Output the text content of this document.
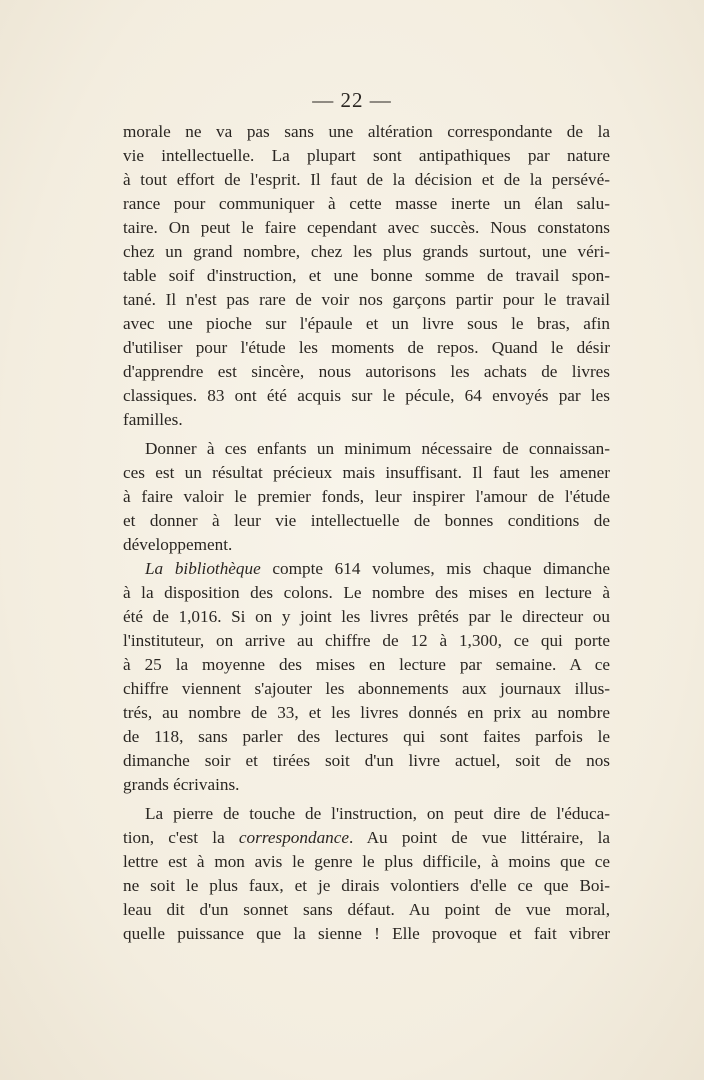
— 22 —
morale ne va pas sans une altération correspondante de la
vie intellectuelle. La plupart sont antipathiques par nature
à tout effort de l'esprit. Il faut de la décision et de la persévé-
rance pour communiquer à cette masse inerte un élan salu-
taire. On peut le faire cependant avec succès. Nous constatons
chez un grand nombre, chez les plus grands surtout, une véri-
table soif d'instruction, et une bonne somme de travail spon-
tané. Il n'est pas rare de voir nos garçons partir pour le travail
avec une pioche sur l'épaule et un livre sous le bras, afin
d'utiliser pour l'étude les moments de repos. Quand le désir
d'apprendre est sincère, nous autorisons les achats de livres
classiques. 83 ont été acquis sur le pécule, 64 envoyés par les
familles.
Donner à ces enfants un minimum nécessaire de connaissan-
ces est un résultat précieux mais insuffisant. Il faut les amener
à faire valoir le premier fonds, leur inspirer l'amour de l'étude
et donner à leur vie intellectuelle de bonnes conditions de
développement.
La bibliothèque compte 614 volumes, mis chaque dimanche
à la disposition des colons. Le nombre des mises en lecture à
été de 1,016. Si on y joint les livres prêtés par le directeur ou
l'instituteur, on arrive au chiffre de 12 à 1,300, ce qui porte
à 25 la moyenne des mises en lecture par semaine. A ce
chiffre viennent s'ajouter les abonnements aux journaux illus-
trés, au nombre de 33, et les livres donnés en prix au nombre
de 118, sans parler des lectures qui sont faites parfois le
dimanche soir et tirées soit d'un livre actuel, soit de nos
grands écrivains.
La pierre de touche de l'instruction, on peut dire de l'éduca-
tion, c'est la correspondance. Au point de vue littéraire, la
lettre est à mon avis le genre le plus difficile, à moins que ce
ne soit le plus faux, et je dirais volontiers d'elle ce que Boi-
leau dit d'un sonnet sans défaut. Au point de vue moral,
quelle puissance que la sienne ! Elle provoque et fait vibrer
